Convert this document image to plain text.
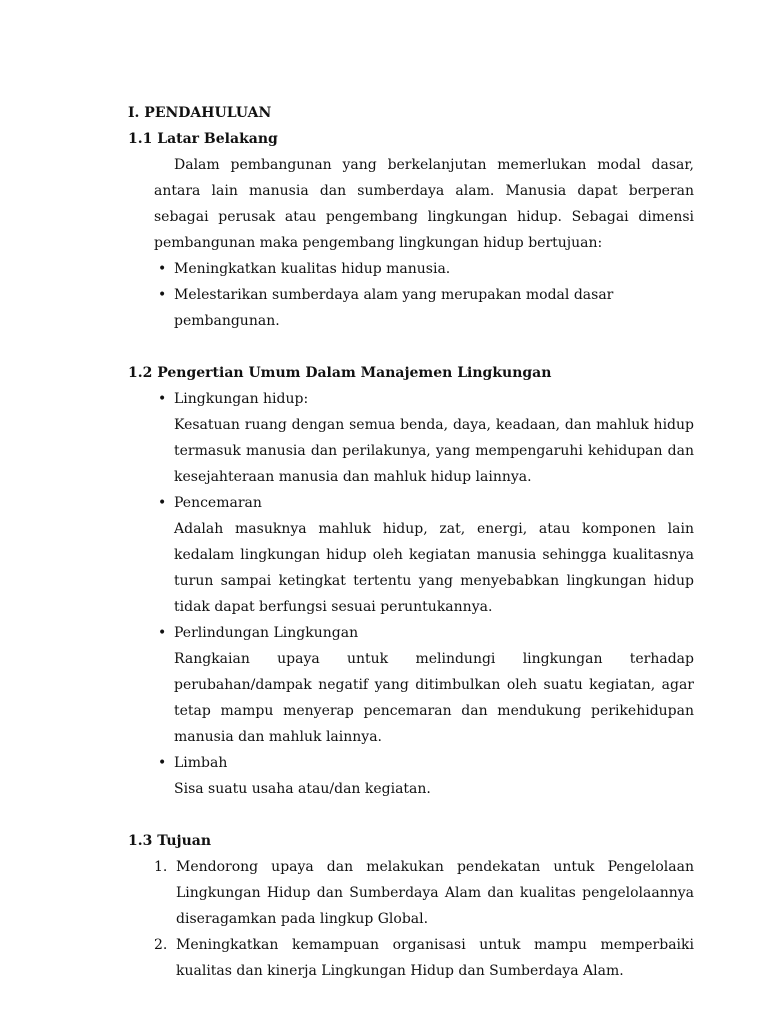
I. PENDAHULUAN

1.1 Latar Belakang

Dalam pembangunan yang berkelanjutan memerlukan modal dasar, antara lain manusia dan sumberdaya alam. Manusia dapat berperan sebagai perusak atau pengembang lingkungan hidup. Sebagai dimensi pembangunan maka pengembang lingkungan hidup bertujuan:

• Meningkatkan kualitas hidup manusia.
• Melestarikan sumberdaya alam yang merupakan modal dasar pembangunan.

1.2 Pengertian Umum Dalam Manajemen Lingkungan

• Lingkungan hidup:
Kesatuan ruang dengan semua benda, daya, keadaan, dan mahluk hidup termasuk manusia dan perilakunya, yang mempengaruhi kehidupan dan kesejahteraan manusia dan mahluk hidup lainnya.
• Pencemaran
Adalah masuknya mahluk hidup, zat, energi, atau komponen lain kedalam lingkungan hidup oleh kegiatan manusia sehingga kualitasnya turun sampai ketingkat tertentu yang menyebabkan lingkungan hidup tidak dapat berfungsi sesuai peruntukannya.
• Perlindungan Lingkungan
Rangkaian upaya untuk melindungi lingkungan terhadap perubahan/dampak negatif yang ditimbulkan oleh suatu kegiatan, agar tetap mampu menyerap pencemaran dan mendukung perikehidupan manusia dan mahluk lainnya.
• Limbah
Sisa suatu usaha atau/dan kegiatan.

1.3 Tujuan

1. Mendorong upaya dan melakukan pendekatan untuk Pengelolaan Lingkungan Hidup dan Sumberdaya Alam dan kualitas pengelolaannya diseragamkan pada lingkup Global.
2. Meningkatkan kemampuan organisasi untuk mampu memperbaiki kualitas dan kinerja Lingkungan Hidup dan Sumberdaya Alam.
